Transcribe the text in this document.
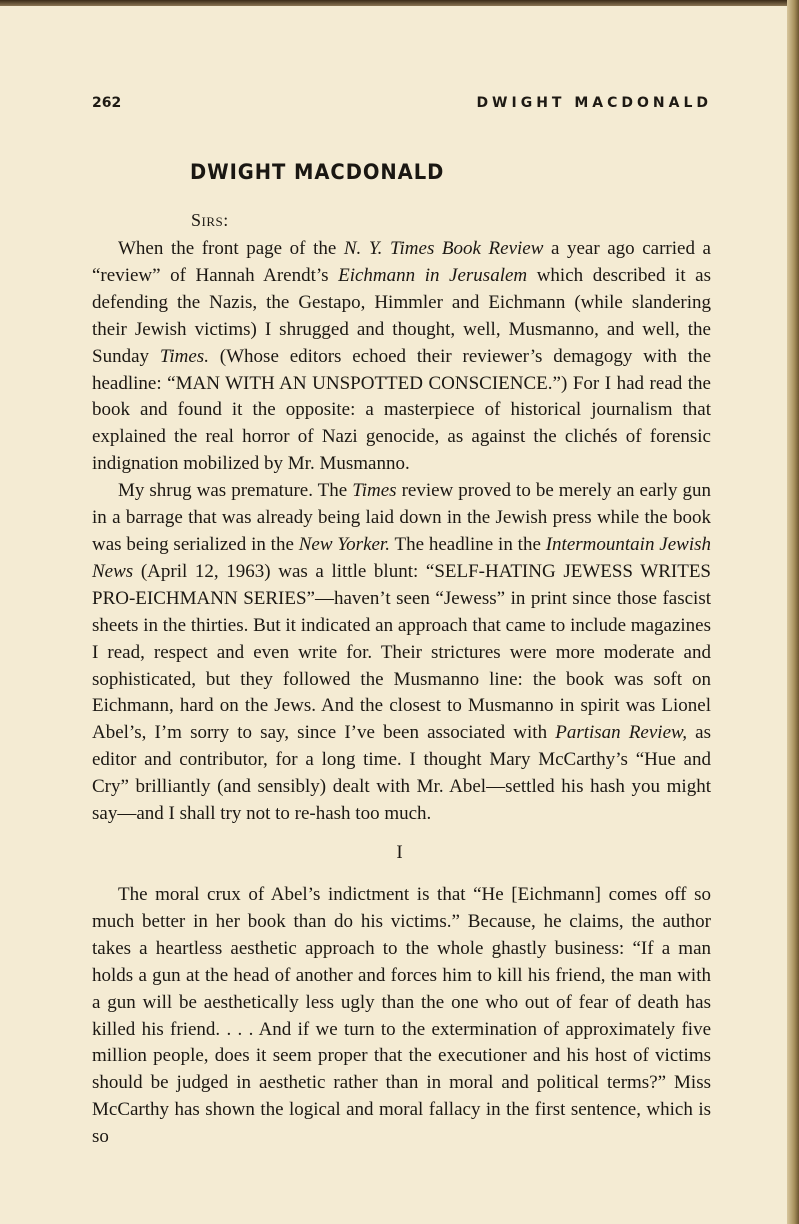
262	DWIGHT MACDONALD
DWIGHT MACDONALD
Sirs:

When the front page of the N. Y. Times Book Review a year ago carried a “review” of Hannah Arendt’s Eichmann in Jerusalem which described it as defending the Nazis, the Gestapo, Himmler and Eichmann (while slandering their Jewish victims) I shrugged and thought, well, Musmanno, and well, the Sunday Times. (Whose editors echoed their reviewer’s demagogy with the headline: “MAN WITH AN UNSPOTTED CONSCIENCE.”) For I had read the book and found it the opposite: a masterpiece of historical journalism that explained the real horror of Nazi genocide, as against the clichés of forensic indignation mobilized by Mr. Musmanno.

My shrug was premature. The Times review proved to be merely an early gun in a barrage that was already being laid down in the Jewish press while the book was being serialized in the New Yorker. The headline in the Intermountain Jewish News (April 12, 1963) was a little blunt: “SELF-HATING JEWESS WRITES PRO-EICHMANN SERIES”—haven’t seen “Jewess” in print since those fascist sheets in the thirties. But it indicated an approach that came to include magazines I read, respect and even write for. Their strictures were more moderate and sophisticated, but they followed the Musmanno line: the book was soft on Eichmann, hard on the Jews. And the closest to Musmanno in spirit was Lionel Abel’s, I’m sorry to say, since I’ve been associated with Partisan Review, as editor and contributor, for a long time. I thought Mary McCarthy’s “Hue and Cry” brilliantly (and sensibly) dealt with Mr. Abel—settled his hash you might say—and I shall try not to re-hash too much.

I

The moral crux of Abel’s indictment is that “He [Eichmann] comes off so much better in her book than do his victims.” Because, he claims, the author takes a heartless aesthetic approach to the whole ghastly business: “If a man holds a gun at the head of another and forces him to kill his friend, the man with a gun will be aesthetically less ugly than the one who out of fear of death has killed his friend. . . . And if we turn to the extermination of approximately five million people, does it seem proper that the executioner and his host of victims should be judged in aesthetic rather than in moral and political terms?” Miss McCarthy has shown the logical and moral fallacy in the first sentence, which is so
